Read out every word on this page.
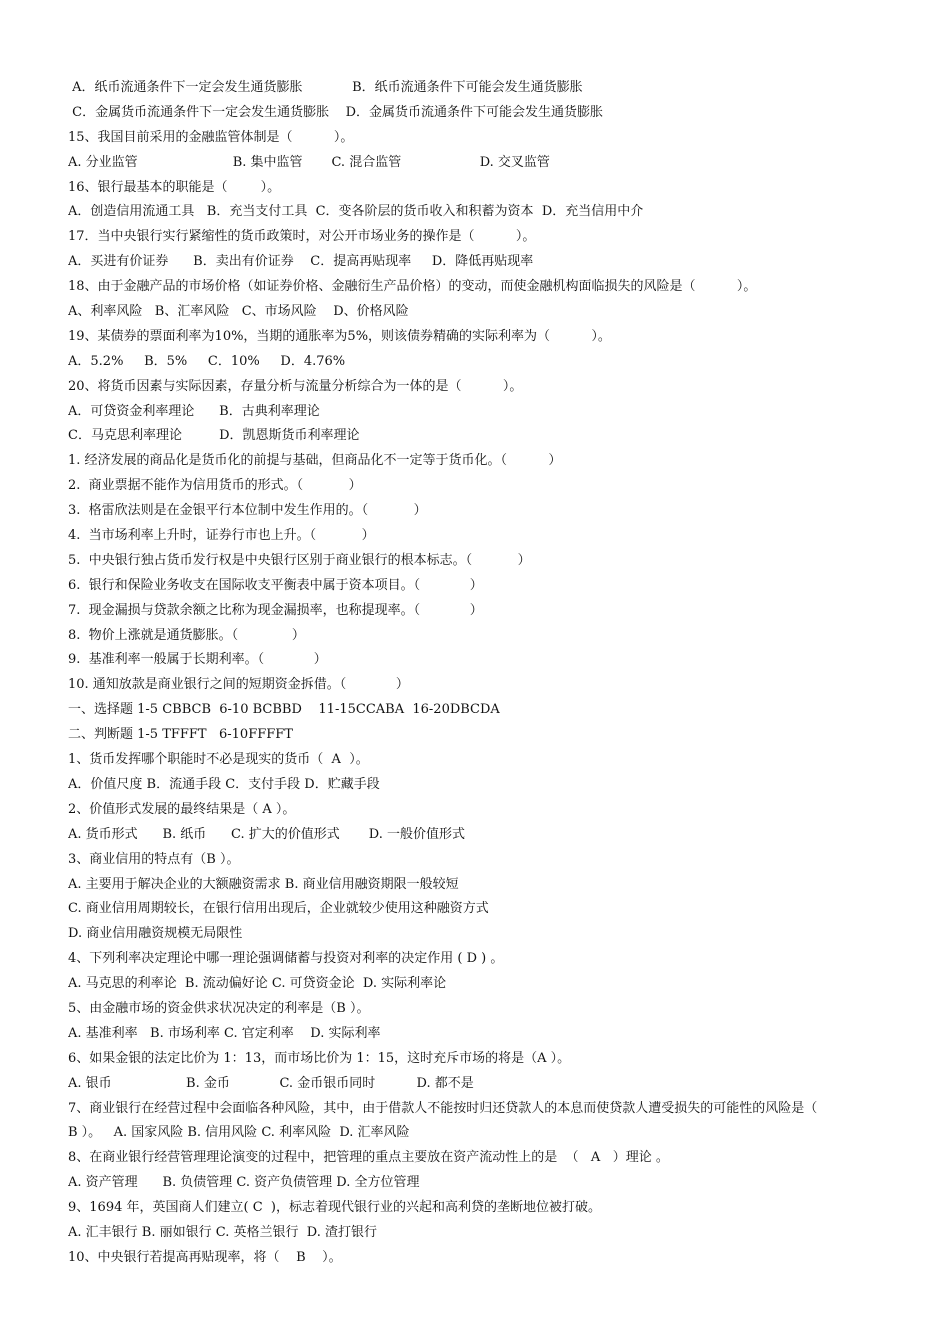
A．纸币流通条件下一定会发生通货膨胀            B．纸币流通条件下可能会发生通货膨胀
C．金属货币流通条件下一定会发生通货膨胀    D．金属货币流通条件下可能会发生通货膨胀
15、我国目前采用的金融监管体制是（          ）。
A. 分业监管                       B. 集中监管       C. 混合监管                   D. 交叉监管
16、银行最基本的职能是（        ）。
A．创造信用流通工具   B．充当支付工具  C．变各阶层的货币收入和积蓄为资本  D．充当信用中介
17．当中央银行实行紧缩性的货币政策时，对公开市场业务的操作是（          ）。
A．买进有价证券      B．卖出有价证券    C．提高再贴现率     D．降低再贴现率
18、由于金融产品的市场价格（如证券价格、金融衍生产品价格）的变动，而使金融机构面临损失的风险是（          ）。
A、利率风险   B、汇率风险   C、市场风险    D、价格风险
19、某债券的票面利率为10%，当期的通胀率为5%，则该债券精确的实际利率为（          ）。
A．5.2%     B．5%     C．10%     D．4.76%
20、将货币因素与实际因素，存量分析与流量分析综合为一体的是（          ）。
A．可贷资金利率理论      B．古典利率理论
C．马克思利率理论         D．凯恩斯货币利率理论
1. 经济发展的商品化是货币化的前提与基础，但商品化不一定等于货币化。（          ）
2.  商业票据不能作为信用货币的形式。（           ）
3.  格雷欣法则是在金银平行本位制中发生作用的。（           ）
4.  当市场利率上升时，证券行市也上升。（           ）
5.  中央银行独占货币发行权是中央银行区别于商业银行的根本标志。（           ）
6.  银行和保险业务收支在国际收支平衡表中属于资本项目。（            ）
7.  现金漏损与贷款余额之比称为现金漏损率，也称提现率。（            ）
8.  物价上涨就是通货膨胀。（             ）
9.  基准利率一般属于长期利率。（            ）
10. 通知放款是商业银行之间的短期资金拆借。（            ）
一、选择题 1-5 CBBCB  6-10 BCBBD    11-15CCABA  16-20DBCDA
二、判断题 1-5 TFFFT   6-10FFFFT
1、货币发挥哪个职能时不必是现实的货币（  A  ）。
A．价值尺度 B．流通手段 C．支付手段 D．贮藏手段
2、价值形式发展的最终结果是（ A ）。
A. 货币形式      B. 纸币      C. 扩大的价值形式       D. 一般价值形式
3、商业信用的特点有（B ）。
A. 主要用于解决企业的大额融资需求 B. 商业信用融资期限一般较短
C. 商业信用周期较长，在银行信用出现后，企业就较少使用这种融资方式
D. 商业信用融资规模无局限性
4、下列利率决定理论中哪一理论强调储蓄与投资对利率的决定作用 ( D ) 。
A. 马克思的利率论  B. 流动偏好论 C. 可贷资金论  D. 实际利率论
5、由金融市场的资金供求状况决定的利率是（B ）。
A. 基准利率   B. 市场利率 C. 官定利率    D. 实际利率
6、如果金银的法定比价为 1：13，而市场比价为 1：15，这时充斥市场的将是（A ）。
A. 银币                  B. 金币            C. 金币银币同时          D. 都不是
7、商业银行在经营过程中会面临各种风险，其中，由于借款人不能按时归还贷款人的本息而使贷款人遭受损失的可能性的风险是（
B ）。   A. 国家风险 B. 信用风险 C. 利率风险  D. 汇率风险
8、在商业银行经营管理理论演变的过程中，把管理的重点主要放在资产流动性上的是  （   A   ）理论 。
A. 资产管理      B. 负债管理 C. 资产负债管理 D. 全方位管理
9、1694 年，英国商人们建立( C  )，标志着现代银行业的兴起和高利贷的垄断地位被打破。
A. 汇丰银行 B. 丽如银行 C. 英格兰银行  D. 渣打银行
10、中央银行若提高再贴现率，将（    B    ）。
